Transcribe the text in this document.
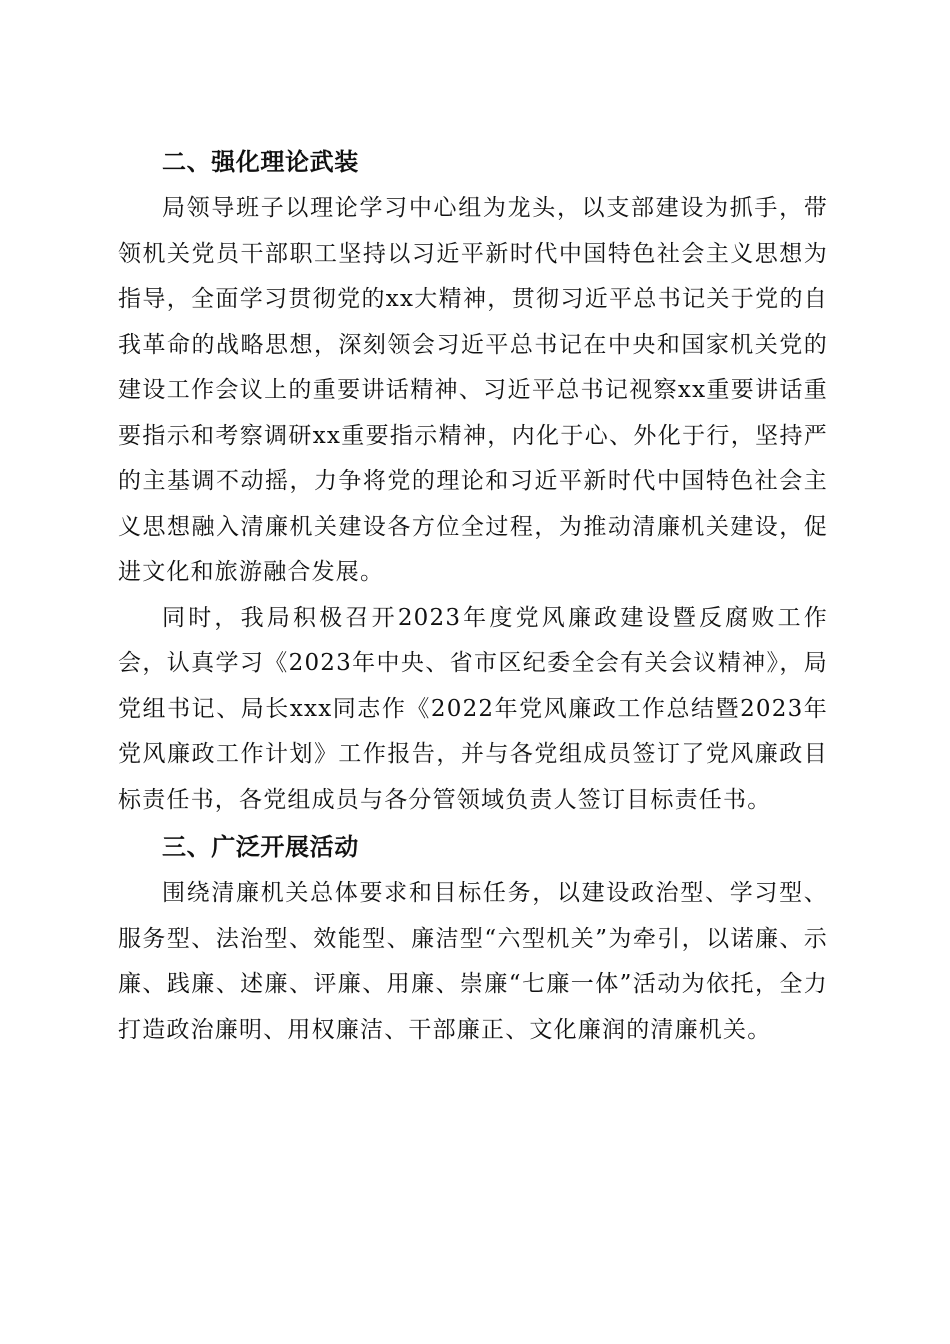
二、强化理论武装

局领导班子以理论学习中心组为龙头，以支部建设为抓手，带领机关党员干部职工坚持以习近平新时代中国特色社会主义思想为指导，全面学习贯彻党的xx大精神，贯彻习近平总书记关于党的自我革命的战略思想，深刻领会习近平总书记在中央和国家机关党的建设工作会议上的重要讲话精神、习近平总书记视察xx重要讲话重要指示和考察调研xx重要指示精神，内化于心、外化于行，坚持严的主基调不动摇，力争将党的理论和习近平新时代中国特色社会主义思想融入清廉机关建设各方位全过程，为推动清廉机关建设，促进文化和旅游融合发展。

同时，我局积极召开2023年度党风廉政建设暨反腐败工作会，认真学习《2023年中央、省市区纪委全会有关会议精神》，局党组书记、局长xxx同志作《2022年党风廉政工作总结暨2023年党风廉政工作计划》工作报告，并与各党组成员签订了党风廉政目标责任书，各党组成员与各分管领域负责人签订目标责任书。

三、广泛开展活动

围绕清廉机关总体要求和目标任务，以建设政治型、学习型、服务型、法治型、效能型、廉洁型“六型机关”为牵引，以诺廉、示廉、践廉、述廉、评廉、用廉、崇廉“七廉一体”活动为依托，全力打造政治廉明、用权廉洁、干部廉正、文化廉润的清廉机关。
